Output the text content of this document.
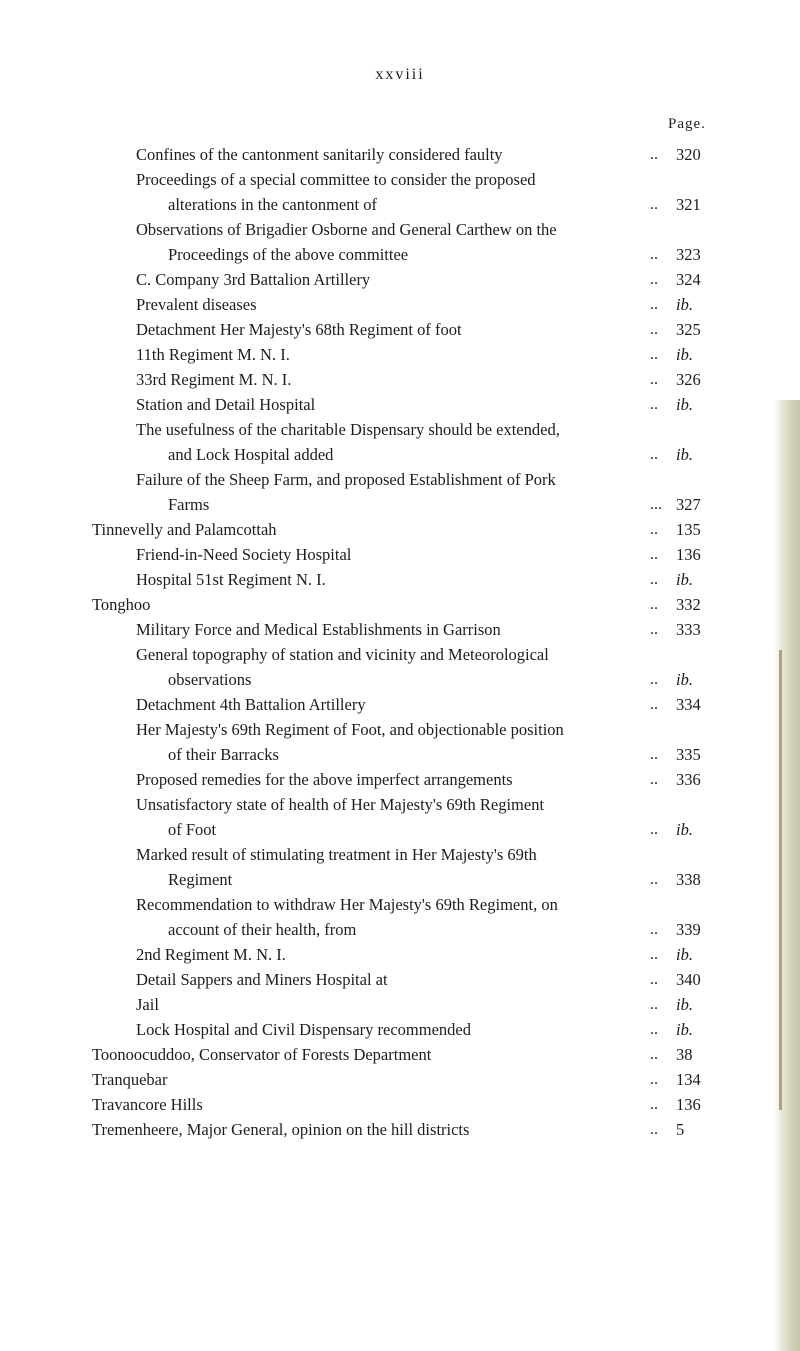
xxviii
Page.
Confines of the cantonment sanitarily considered faulty	.. 320
Proceedings of a special committee to consider the proposed
alterations in the cantonment of	.. 321
Observations of Brigadier Osborne and General Carthew on the
Proceedings of the above committee	.. 323
C. Company 3rd Battalion Artillery	.. 324
Prevalent diseases	.. ib.
Detachment Her Majesty's 68th Regiment of foot	.. 325
11th Regiment M. N. I.	.. ib.
33rd Regiment M. N. I.	.. 326
Station and Detail Hospital	.. ib.
The usefulness of the charitable Dispensary should be extended,
and Lock Hospital added	.. ib.
Failure of the Sheep Farm, and proposed Establishment of Pork
Farms	... 327
Tinnevelly and Palamcottah	.. 135
Friend-in-Need Society Hospital	.. 136
Hospital 51st Regiment N. I.	.. ib.
Tonghoo	.. 332
Military Force and Medical Establishments in Garrison	.. 333
General topography of station and vicinity and Meteorological
observations	.. ib.
Detachment 4th Battalion Artillery	.. 334
Her Majesty's 69th Regiment of Foot, and objectionable position
of their Barracks	.. 335
Proposed remedies for the above imperfect arrangements	.. 336
Unsatisfactory state of health of Her Majesty's 69th Regiment
of Foot	.. ib.
Marked result of stimulating treatment in Her Majesty's 69th
Regiment	.. 338
Recommendation to withdraw Her Majesty's 69th Regiment, on
account of their health, from	.. 339
2nd Regiment M. N. I.	.. ib.
Detail Sappers and Miners Hospital at	.. 340
Jail	.. ib.
Lock Hospital and Civil Dispensary recommended	.. ib.
Toonoocuddoo, Conservator of Forests Department	.. 38
Tranquebar	.. 134
Travancore Hills	.. 136
Tremenheere, Major General, opinion on the hill districts	.. 5
